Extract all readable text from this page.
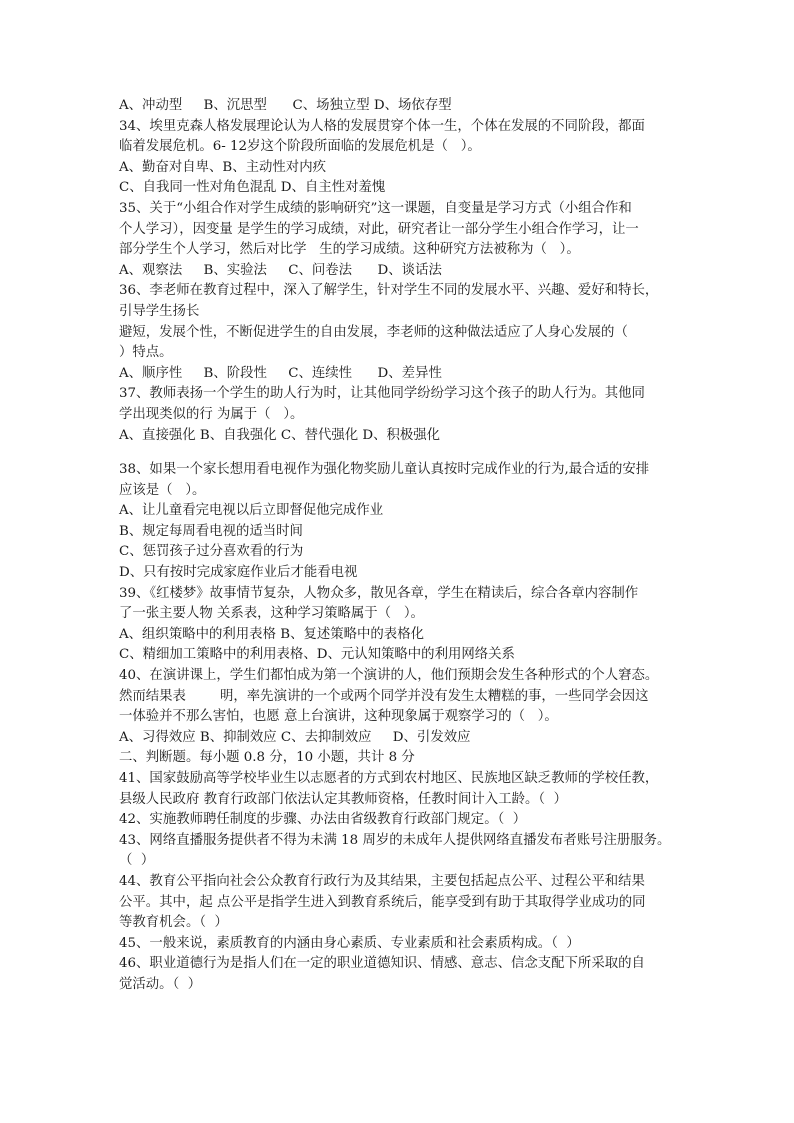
A、冲动型     B、沉思型      C、场独立型 D、场依存型
34、埃里克森人格发展理论认为人格的发展贯穿个体一生，个体在发展的不同阶段，都面
临着发展危机。6- 12岁这个阶段所面临的发展危机是（   ）。
A、勤奋对自卑、B、主动性对内疚
C、自我同一性对角色混乱 D、自主性对羞愧
35、关于“小组合作对学生成绩的影响研究”这一课题，自变量是学习方式（小组合作和
个人学习），因变量 是学生的学习成绩，对此，研究者让一部分学生小组合作学习，让一
部分学生个人学习，然后对比学   生的学习成绩。这种研究方法被称为（   ）。
A、观察法     B、实验法     C、问卷法      D、谈话法
36、李老师在教育过程中，深入了解学生，针对学生不同的发展水平、兴趣、爱好和特长，
引导学生扬长
避短，发展个性，不断促进学生的自由发展，李老师的这种做法适应了人身心发展的（
）特点。
A、顺序性     B、阶段性     C、连续性      D、差异性
37、教师表扬一个学生的助人行为时，让其他同学纷纷学习这个孩子的助人行为。其他同
学出现类似的行 为属于（   ）。
A、直接强化 B、自我强化 C、替代强化 D、积极强化
38、如果一个家长想用看电视作为强化物奖励儿童认真按时完成作业的行为,最合适的安排
应该是（   ）。
A、让儿童看完电视以后立即督促他完成作业
B、规定每周看电视的适当时间
C、惩罚孩子过分喜欢看的行为
D、只有按时完成家庭作业后才能看电视
39、《红楼梦》故事情节复杂，人物众多，散见各章，学生在精读后，综合各章内容制作
了一张主要人物 关系表，这种学习策略属于（   ）。
A、组织策略中的利用表格 B、复述策略中的表格化
C、精细加工策略中的利用表格、D、元认知策略中的利用网络关系
40、在演讲课上，学生们都怕成为第一个演讲的人，他们预期会发生各种形式的个人窘态。
然而结果表        明，率先演讲的一个或两个同学并没有发生太糟糕的事，一些同学会因这
一体验并不那么害怕，也愿 意上台演讲，这种现象属于观察学习的（   ）。
A、习得效应 B、抑制效应 C、去抑制效应     D、引发效应
二、判断题。每小题 0.8 分，10 小题，共计 8 分
41、国家鼓励高等学校毕业生以志愿者的方式到农村地区、民族地区缺乏教师的学校任教，
县级人民政府 教育行政部门依法认定其教师资格，任教时间计入工龄。（  ）
42、实施教师聘任制度的步骤、办法由省级教育行政部门规定。（  ）
43、网络直播服务提供者不得为未满 18 周岁的未成年人提供网络直播发布者账号注册服务。
（  ）
44、教育公平指向社会公众教育行政行为及其结果，主要包括起点公平、过程公平和结果
公平。其中，起 点公平是指学生进入到教育系统后，能享受到有助于其取得学业成功的同
等教育机会。（  ）
45、一般来说，素质教育的内涵由身心素质、专业素质和社会素质构成。（  ）
46、职业道德行为是指人们在一定的职业道德知识、情感、意志、信念支配下所采取的自
觉活动。（  ）
